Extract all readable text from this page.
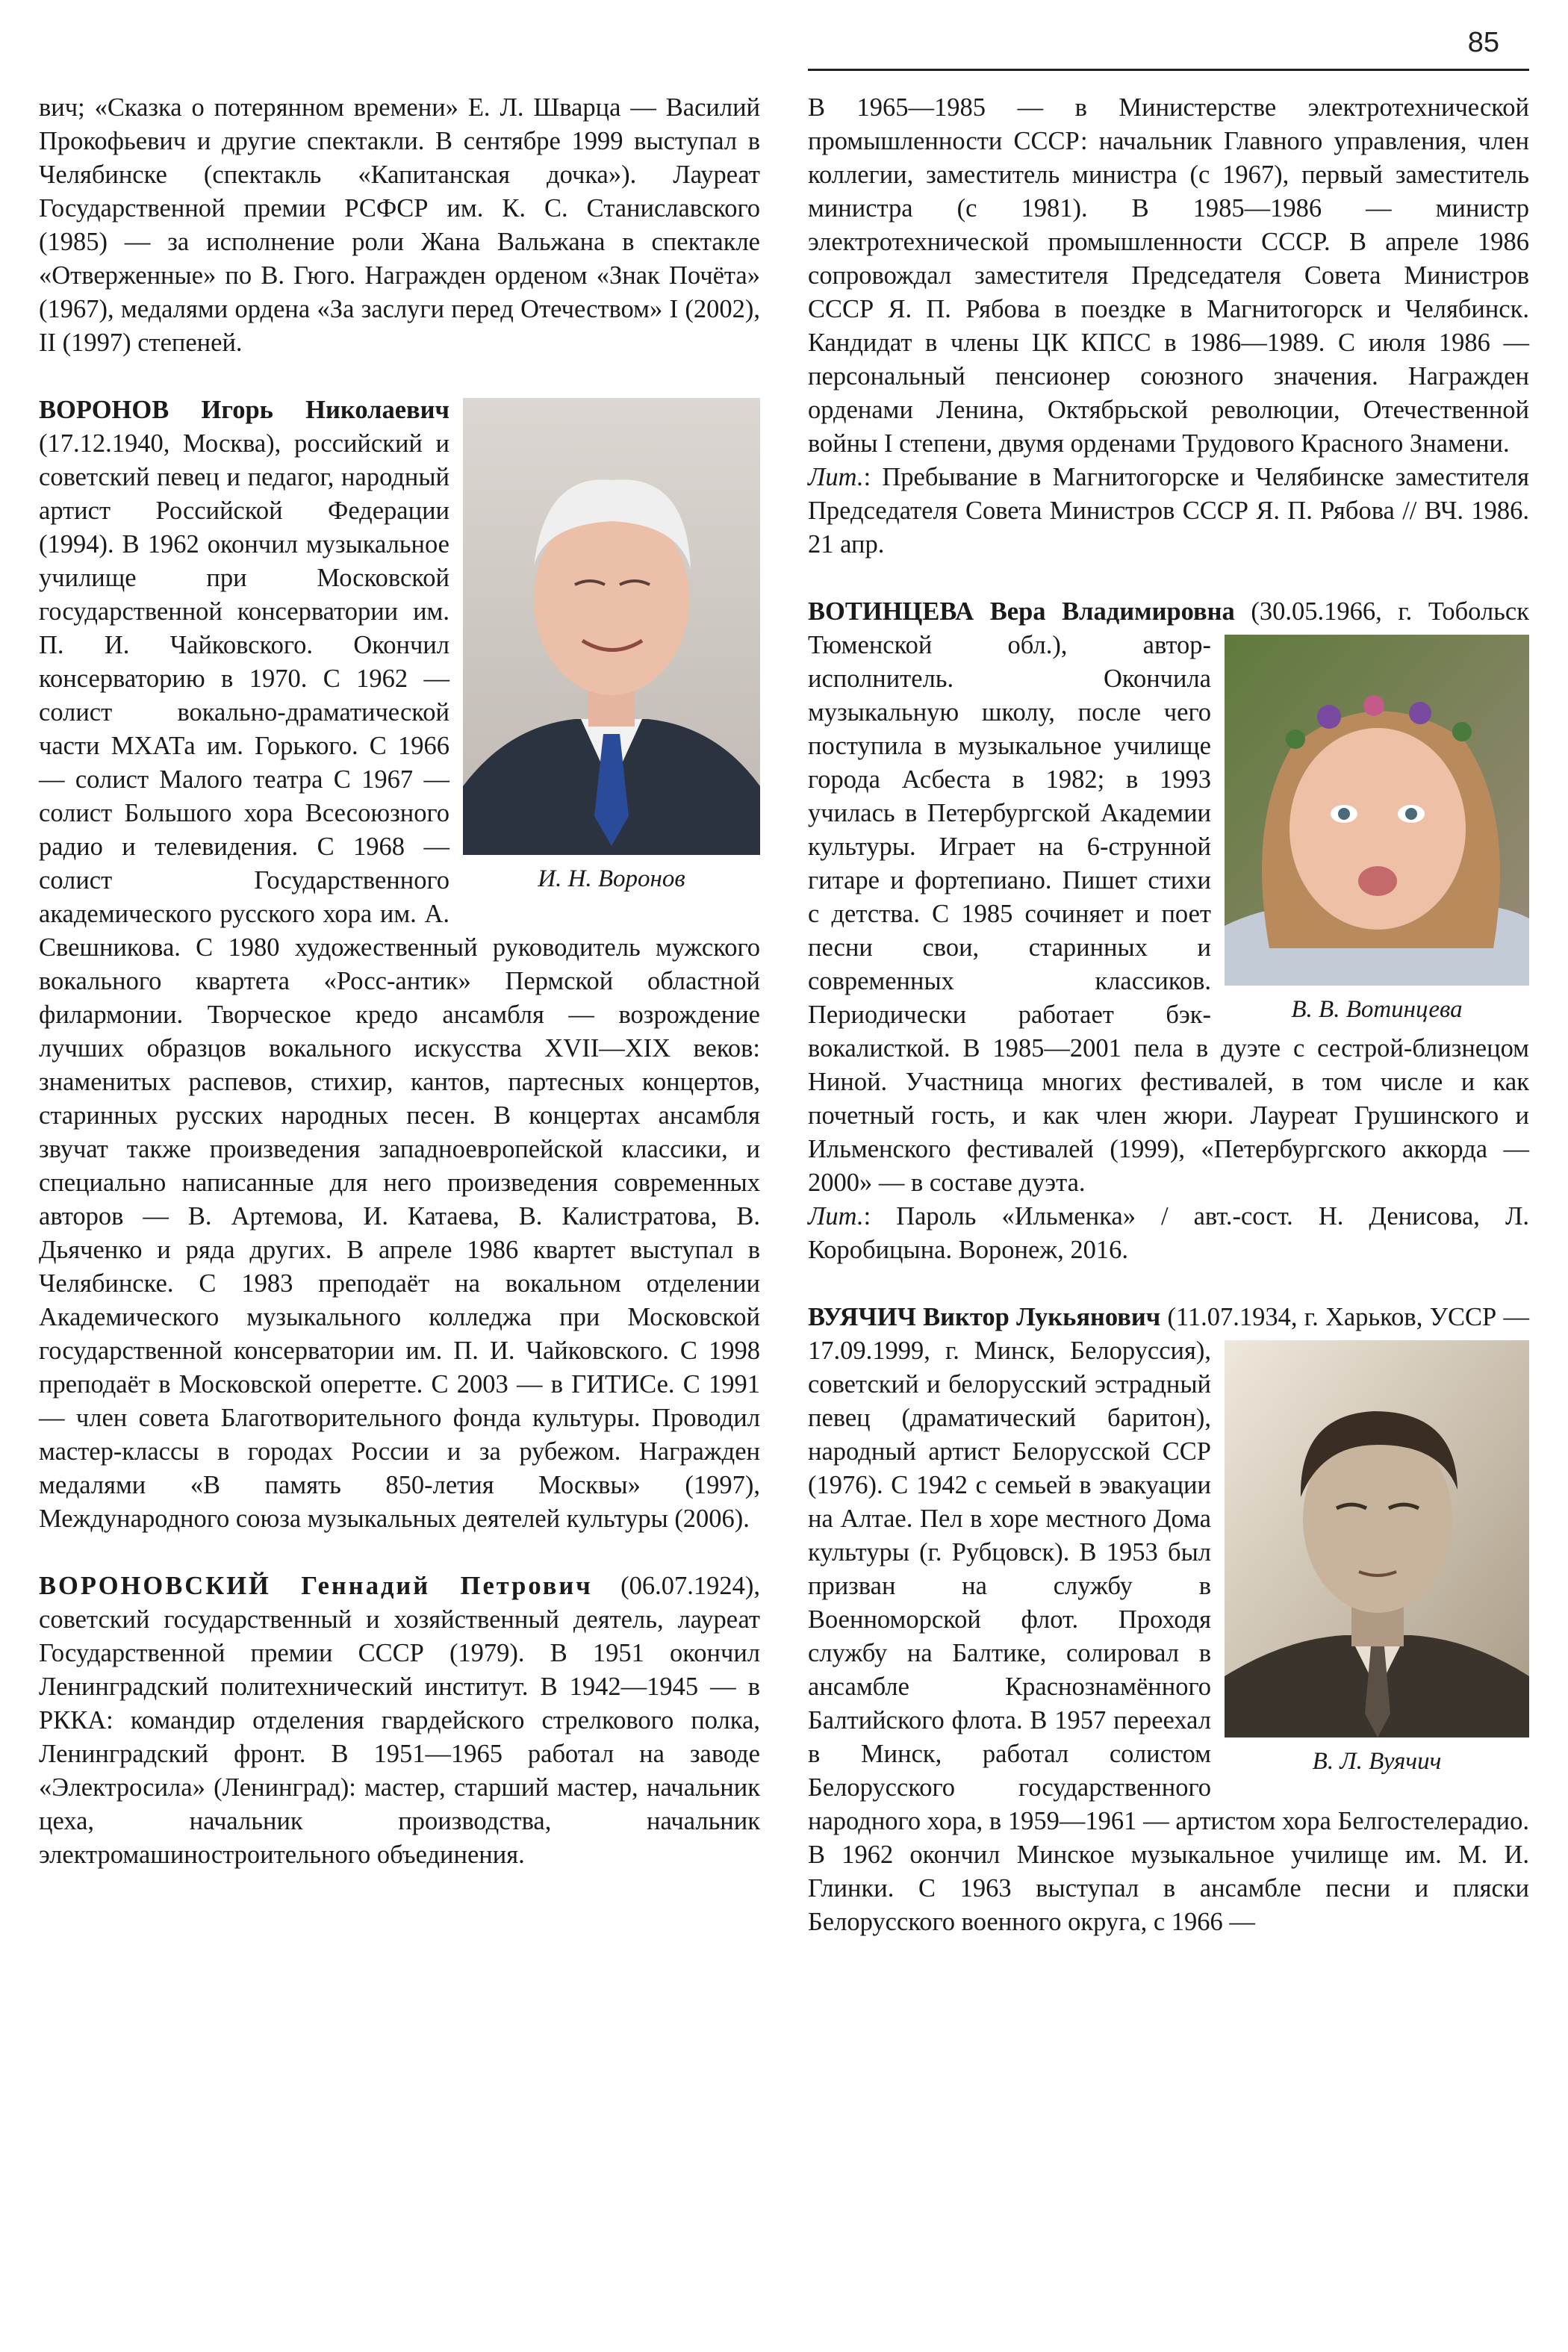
85

вич; «Сказка о потерянном времени» Е. Л. Шварца — Василий Прокофьевич и другие спектакли. В сентябре 1999 выступал в Челябинске (спектакль «Капитанская дочка»). Лауреат Государственной премии РСФСР им. К. С. Станиславского (1985) — за исполнение роли Жана Вальжана в спектакле «Отверженные» по В. Гюго. Награжден орденом «Знак Почёта» (1967), медалями ордена «За заслуги перед Отечеством» I (2002), II (1997) степеней.

И. Н. Воронов

ВОРОНОВ Игорь Николаевич (17.12.1940, Москва), российский и советский певец и педагог, народный артист Российской Федерации (1994). В 1962 окончил музыкальное училище при Московской государственной консерватории им. П. И. Чайковского. Окончил консерваторию в 1970. С 1962 — солист вокально-драматической части МХАТа им. Горького. С 1966 — солист Малого театра С 1967 — солист Большого хора Всесоюзного радио и телевидения. С 1968 — солист Государственного академического русского хора им. А. Свешникова. С 1980 художественный руководитель мужского вокального квартета «Росс-антик» Пермской областной филармонии. Творческое кредо ансамбля — возрождение лучших образцов вокального искусства XVII—XIX веков: знаменитых распевов, стихир, кантов, партесных концертов, старинных русских народных песен. В концертах ансамбля звучат также произведения западноевропейской классики, и специально написанные для него произведения современных авторов — В. Артемова, И. Катаева, В. Калистратова, В. Дьяченко и ряда других. В апреле 1986 квартет выступал в Челябинске. С 1983 преподаёт на вокальном отделении Академического музыкального колледжа при Московской государственной консерватории им. П. И. Чайковского. С 1998 преподаёт в Московской оперетте. С 2003 — в ГИТИСе. С 1991 — член совета Благотворительного фонда культуры. Проводил мастер-классы в городах России и за рубежом. Награжден медалями «В память 850-летия Москвы» (1997), Международного союза музыкальных деятелей культуры (2006).

ВОРОНОВСКИЙ Геннадий Петрович (06.07.1924), советский государственный и хозяйственный деятель, лауреат Государственной премии СССР (1979). В 1951 окончил Ленинградский политехнический институт. В 1942—1945 — в РККА: командир отделения гвардейского стрелкового полка, Ленинградский фронт. В 1951—1965 работал на заводе «Электросила» (Ленинград): мастер, старший мастер, начальник цеха, начальник производства, начальник электромашиностроительного объединения.

В 1965—1985 — в Министерстве электротехнической промышленности СССР: начальник Главного управления, член коллегии, заместитель министра (с 1967), первый заместитель министра (с 1981). В 1985—1986 — министр электротехнической промышленности СССР. В апреле 1986 сопровождал заместителя Председателя Совета Министров СССР Я. П. Рябова в поездке в Магнитогорск и Челябинск. Кандидат в члены ЦК КПСС в 1986—1989. С июля 1986 — персональный пенсионер союзного значения. Награжден орденами Ленина, Октябрьской революции, Отечественной войны I степени, двумя орденами Трудового Красного Знамени.

Лит.: Пребывание в Магнитогорске и Челябинске заместителя Председателя Совета Министров СССР Я. П. Рябова // ВЧ. 1986. 21 апр.

ВОТИНЦЕВА Вера Владимировна (30.05.1966, г. Тобольск
В. В. Вотинцева
Тюменской обл.), автор-исполнитель. Окончила музыкальную школу, после чего поступила в музыкальное училище города Асбеста в 1982; в 1993 училась в Петербургской Академии культуры. Играет на 6-струнной гитаре и фортепиано. Пишет стихи с детства. С 1985 сочиняет и поет песни свои, старинных и современных классиков. Периодически работает бэк-вокалисткой. В 1985—2001 пела в дуэте с сестрой-близнецом Ниной. Участница многих фестивалей, в том числе и как почетный гость, и как член жюри. Лауреат Грушинского и Ильменского фестивалей (1999), «Петербургского аккорда — 2000» — в составе дуэта.

Лит.: Пароль «Ильменка» / авт.-сост. Н. Денисова, Л. Коробицына. Воронеж, 2016.

ВУЯЧИЧ Виктор Лукьянович (11.07.1934, г. Харьков, УССР —
В. Л. Вуячич
17.09.1999, г. Минск, Белоруссия), советский и белорусский эстрадный певец (драматический баритон), народный артист Белорусской ССР (1976). С 1942 с семьей в эвакуации на Алтае. Пел в хоре местного Дома культуры (г. Рубцовск). В 1953 был призван на службу в Военноморской флот. Проходя службу на Балтике, солировал в ансамбле Краснознамённого Балтийского флота. В 1957 переехал в Минск, работал солистом Белорусского государственного народного хора, в 1959—1961 — артистом хора Белгостелерадио. В 1962 окончил Минское музыкальное училище им. М. И. Глинки. С 1963 выступал в ансамбле песни и пляски Белорусского военного округа, с 1966 —
